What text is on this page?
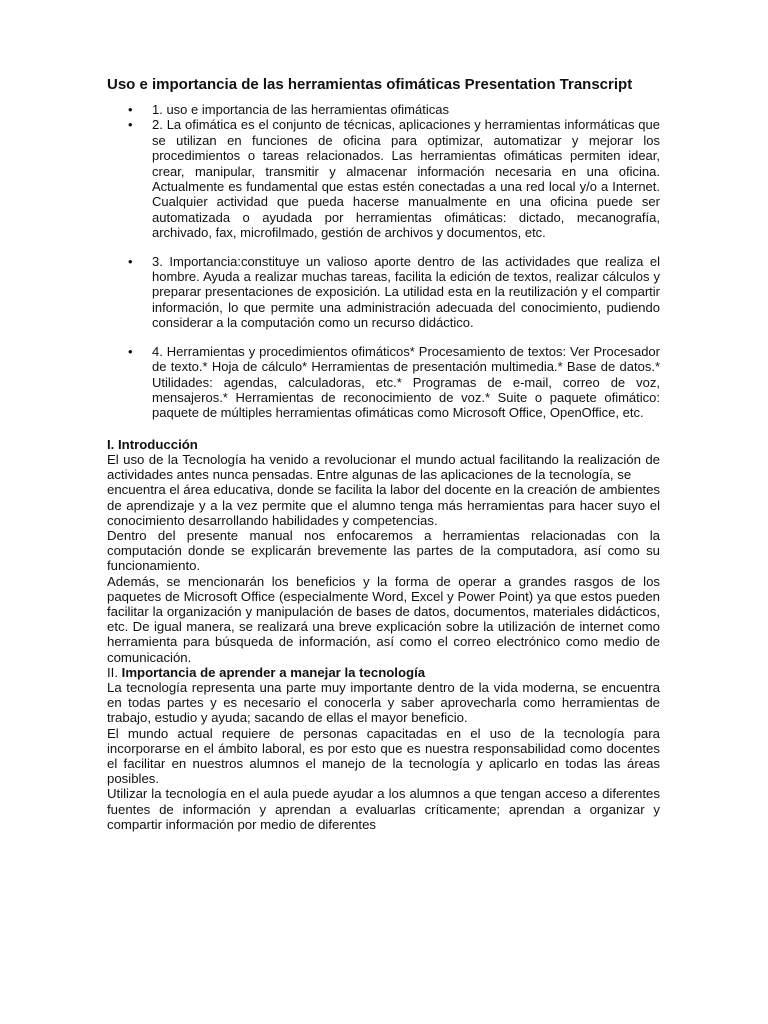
Uso e importancia de las herramientas ofimáticas Presentation Transcript
• 1. uso e importancia de las herramientas ofimáticas
• 2. La ofimática es el conjunto de técnicas, aplicaciones y herramientas informáticas que se utilizan en funciones de oficina para optimizar, automatizar y mejorar los procedimientos o tareas relacionados. Las herramientas ofimáticas permiten idear, crear, manipular, transmitir y almacenar información necesaria en una oficina. Actualmente es fundamental que estas estén conectadas a una red local y/o a Internet. Cualquier actividad que pueda hacerse manualmente en una oficina puede ser automatizada o ayudada por herramientas ofimáticas: dictado, mecanografía, archivado, fax, microfilmado, gestión de archivos y documentos, etc.
• 3. Importancia:constituye un valioso aporte dentro de las actividades que realiza el hombre. Ayuda a realizar muchas tareas, facilita la edición de textos, realizar cálculos y preparar presentaciones de exposición. La utilidad esta en la reutilización y el compartir información, lo que permite una administración adecuada del conocimiento, pudiendo considerar a la computación como un recurso didáctico.
• 4. Herramientas y procedimientos ofimáticos* Procesamiento de textos: Ver Procesador de texto.* Hoja de cálculo* Herramientas de presentación multimedia.* Base de datos.* Utilidades: agendas, calculadoras, etc.* Programas de e-mail, correo de voz, mensajeros.* Herramientas de reconocimiento de voz.* Suite o paquete ofimático: paquete de múltiples herramientas ofimáticas como Microsoft Office, OpenOffice, etc.
I. Introducción

El uso de la Tecnología ha venido a revolucionar el mundo actual facilitando la realización de actividades antes nunca pensadas. Entre algunas de las aplicaciones de la tecnología, se

encuentra el área educativa, donde se facilita la labor del docente en la creación de ambientes de aprendizaje y a la vez permite que el alumno tenga más herramientas para hacer suyo el conocimiento desarrollando habilidades y competencias.

Dentro del presente manual nos enfocaremos a herramientas relacionadas con la computación donde se explicarán brevemente las partes de la computadora, así como su funcionamiento.

Además, se mencionarán los beneficios y la forma de operar a grandes rasgos de los paquetes de Microsoft Office (especialmente Word, Excel y Power Point) ya que estos pueden facilitar la organización y manipulación de bases de datos, documentos, materiales didácticos, etc. De igual manera, se realizará una breve explicación sobre la utilización de internet como herramienta para búsqueda de información, así como el correo electrónico como medio de comunicación.

II. Importancia de aprender a manejar la tecnología

La tecnología representa una parte muy importante dentro de la vida moderna, se encuentra en todas partes y es necesario el conocerla y saber aprovecharla como herramientas de trabajo, estudio y ayuda; sacando de ellas el mayor beneficio.

El mundo actual requiere de personas capacitadas en el uso de la tecnología para incorporarse en el ámbito laboral, es por esto que es nuestra responsabilidad como docentes el facilitar en nuestros alumnos el manejo de la tecnología y aplicarlo en todas las áreas posibles.

Utilizar la tecnología en el aula puede ayudar a los alumnos a que tengan acceso a diferentes fuentes de información y aprendan a evaluarlas críticamente; aprendan a organizar y compartir información por medio de diferentes
